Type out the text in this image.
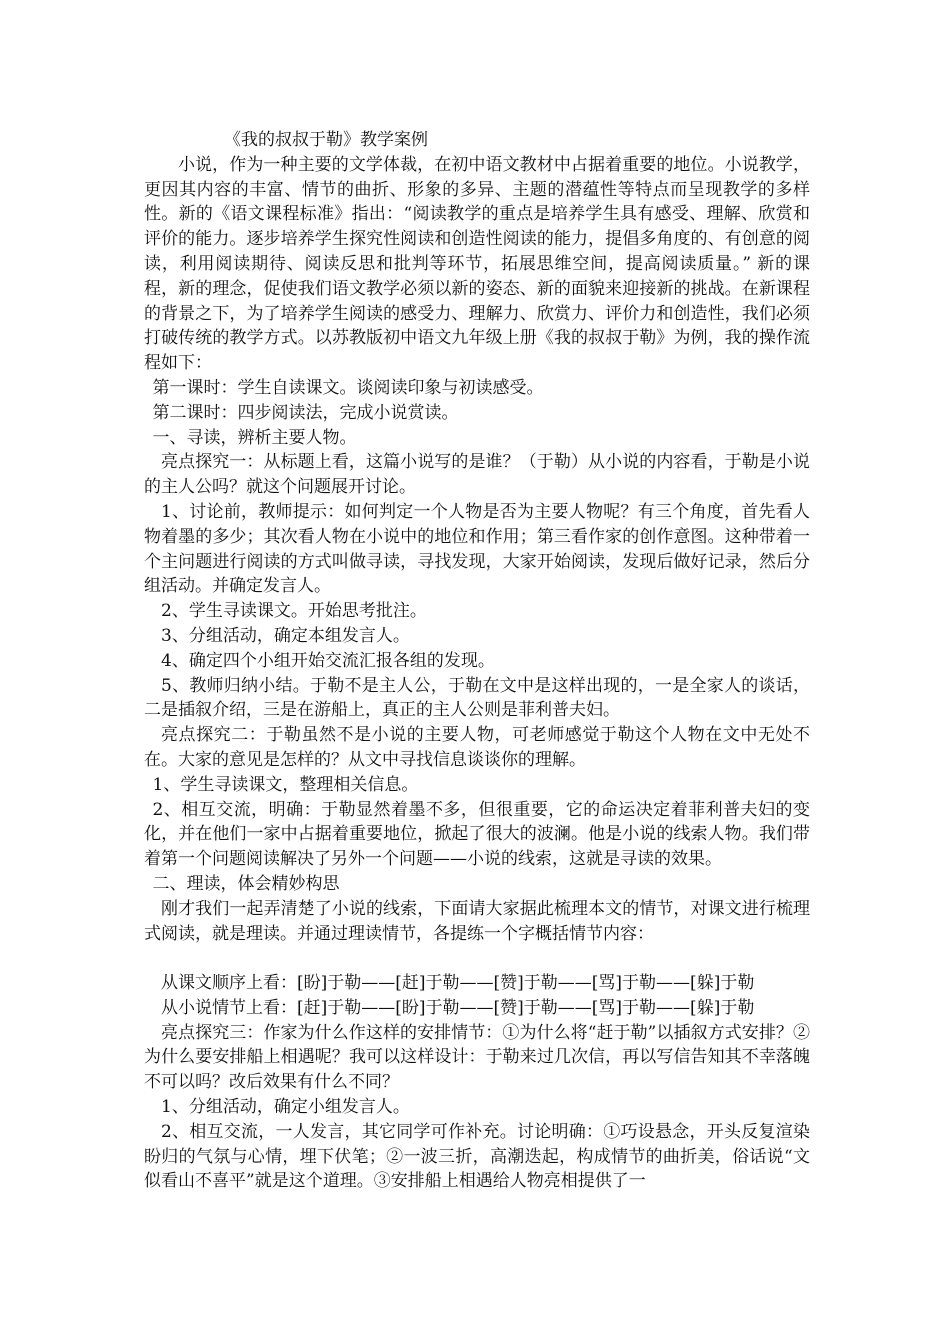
《我的叔叔于勒》教学案例

小说，作为一种主要的文学体裁，在初中语文教材中占据着重要的地位。小说教学，更因其内容的丰富、情节的曲折、形象的多异、主题的潜蕴性等特点而呈现教学的多样性。新的《语文课程标准》指出：“阅读教学的重点是培养学生具有感受、理解、欣赏和评价的能力。逐步培养学生探究性阅读和创造性阅读的能力，提倡多角度的、有创意的阅读，利用阅读期待、阅读反思和批判等环节，拓展思维空间，提高阅读质量。” 新的课程，新的理念，促使我们语文教学必须以新的姿态、新的面貌来迎接新的挑战。在新课程的背景之下，为了培养学生阅读的感受力、理解力、欣赏力、评价力和创造性，我们必须打破传统的教学方式。以苏教版初中语文九年级上册《我的叔叔于勒》为例，我的操作流程如下：

第一课时：学生自读课文。谈阅读印象与初读感受。

第二课时：四步阅读法，完成小说赏读。

一、寻读，辨析主要人物。

亮点探究一：从标题上看，这篇小说写的是谁？（于勒）从小说的内容看，于勒是小说的主人公吗？就这个问题展开讨论。

1、讨论前，教师提示：如何判定一个人物是否为主要人物呢？有三个角度，首先看人物着墨的多少；其次看人物在小说中的地位和作用；第三看作家的创作意图。这种带着一个主问题进行阅读的方式叫做寻读，寻找发现，大家开始阅读，发现后做好记录，然后分组活动。并确定发言人。

2、学生寻读课文。开始思考批注。

3、分组活动，确定本组发言人。

4、确定四个小组开始交流汇报各组的发现。

5、教师归纳小结。于勒不是主人公，于勒在文中是这样出现的，一是全家人的谈话，二是插叙介绍，三是在游船上，真正的主人公则是菲利普夫妇。

亮点探究二：于勒虽然不是小说的主要人物，可老师感觉于勒这个人物在文中无处不在。大家的意见是怎样的？从文中寻找信息谈谈你的理解。

1、学生寻读课文，整理相关信息。

2、相互交流，明确：于勒显然着墨不多，但很重要，它的命运决定着菲利普夫妇的变化，并在他们一家中占据着重要地位，掀起了很大的波澜。他是小说的线索人物。我们带着第一个问题阅读解决了另外一个问题——小说的线索，这就是寻读的效果。

二、理读，体会精妙构思

刚才我们一起弄清楚了小说的线索，下面请大家据此梳理本文的情节，对课文进行梳理式阅读，就是理读。并通过理读情节，各提练一个字概括情节内容：

从课文顺序上看：[盼]于勒——[赶]于勒——[赞]于勒——[骂]于勒——[躲]于勒

从小说情节上看：[赶]于勒——[盼]于勒——[赞]于勒——[骂]于勒——[躲]于勒

亮点探究三：作家为什么作这样的安排情节：①为什么将“赶于勒”以插叙方式安排？②为什么要安排船上相遇呢？我可以这样设计：于勒来过几次信，再以写信告知其不幸落魄不可以吗？改后效果有什么不同？

1、分组活动，确定小组发言人。

2、相互交流，一人发言，其它同学可作补充。讨论明确：①巧设悬念，开头反复渲染盼归的气氛与心情，埋下伏笔；②一波三折，高潮迭起，构成情节的曲折美，俗话说“文似看山不喜平”就是这个道理。③安排船上相遇给人物亮相提供了一
